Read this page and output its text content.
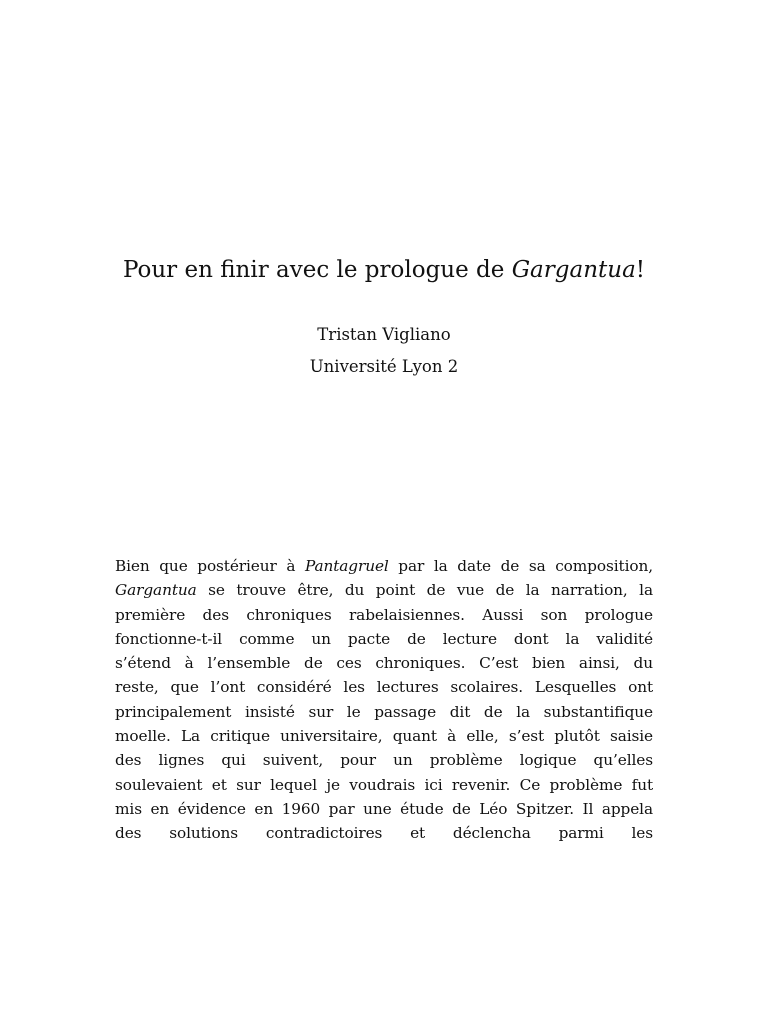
Pour en finir avec le prologue de Gargantua!

Tristan Vigliano

Université Lyon 2

Bien que postérieur à Pantagruel par la date de sa composition,
Gargantua se trouve être, du point de vue de la narration, la
première des chroniques rabelaisiennes. Aussi son prologue
fonctionne-t-il comme un pacte de lecture dont la validité
s’étend à l’ensemble de ces chroniques. C’est bien ainsi, du
reste, que l’ont considéré les lectures scolaires. Lesquelles ont
principalement insisté sur le passage dit de la substantifique
moelle. La critique universitaire, quant à elle, s’est plutôt saisie
des lignes qui suivent, pour un problème logique qu’elles
soulevaient et sur lequel je voudrais ici revenir. Ce problème fut
mis en évidence en 1960 par une étude de Léo Spitzer. Il appela
des solutions contradictoires et déclencha parmi les
